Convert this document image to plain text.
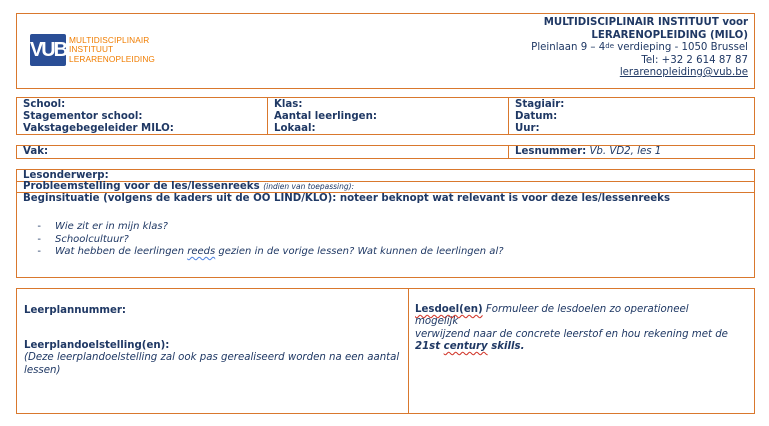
VUB MULTIDISCIPLINAIR
INSTITUUT
LERARENOPLEIDING
MULTIDISCIPLINAIR INSTITUUT voor
LERARENOPLEIDING (MILO)
Pleinlaan 9 – 4de verdieping - 1050 Brussel
Tel: +32 2 614 87 87
lerarenopleiding@vub.be
School:
Stagementor school:
Vakstagebegeleider MILO:
Klas:
Aantal leerlingen:
Lokaal:
Stagiair:
Datum:
Uur:
Vak:	Lesnummer: Vb. VD2, les 1
Lesonderwerp:
Probleemstelling voor de les/lessenreeks (indien van toepassing):
Beginsituatie (volgens de kaders uit de OO LIND/KLO): noteer beknopt wat relevant is voor deze les/lessenreeks
-	Wie zit er in mijn klas?
-	Schoolcultuur?
-	Wat hebben de leerlingen reeds gezien in de vorige lessen? Wat kunnen de leerlingen al?
Leerplannummer:
Leerplandoelstelling(en):
(Deze leerplandoelstelling zal ook pas gerealiseerd worden na een aantal
lessen)
Lesdoel(en) Formuleer de lesdoelen zo operationeel mogelijk
verwijzend naar de concrete leerstof en hou rekening met de
21st century skills.
